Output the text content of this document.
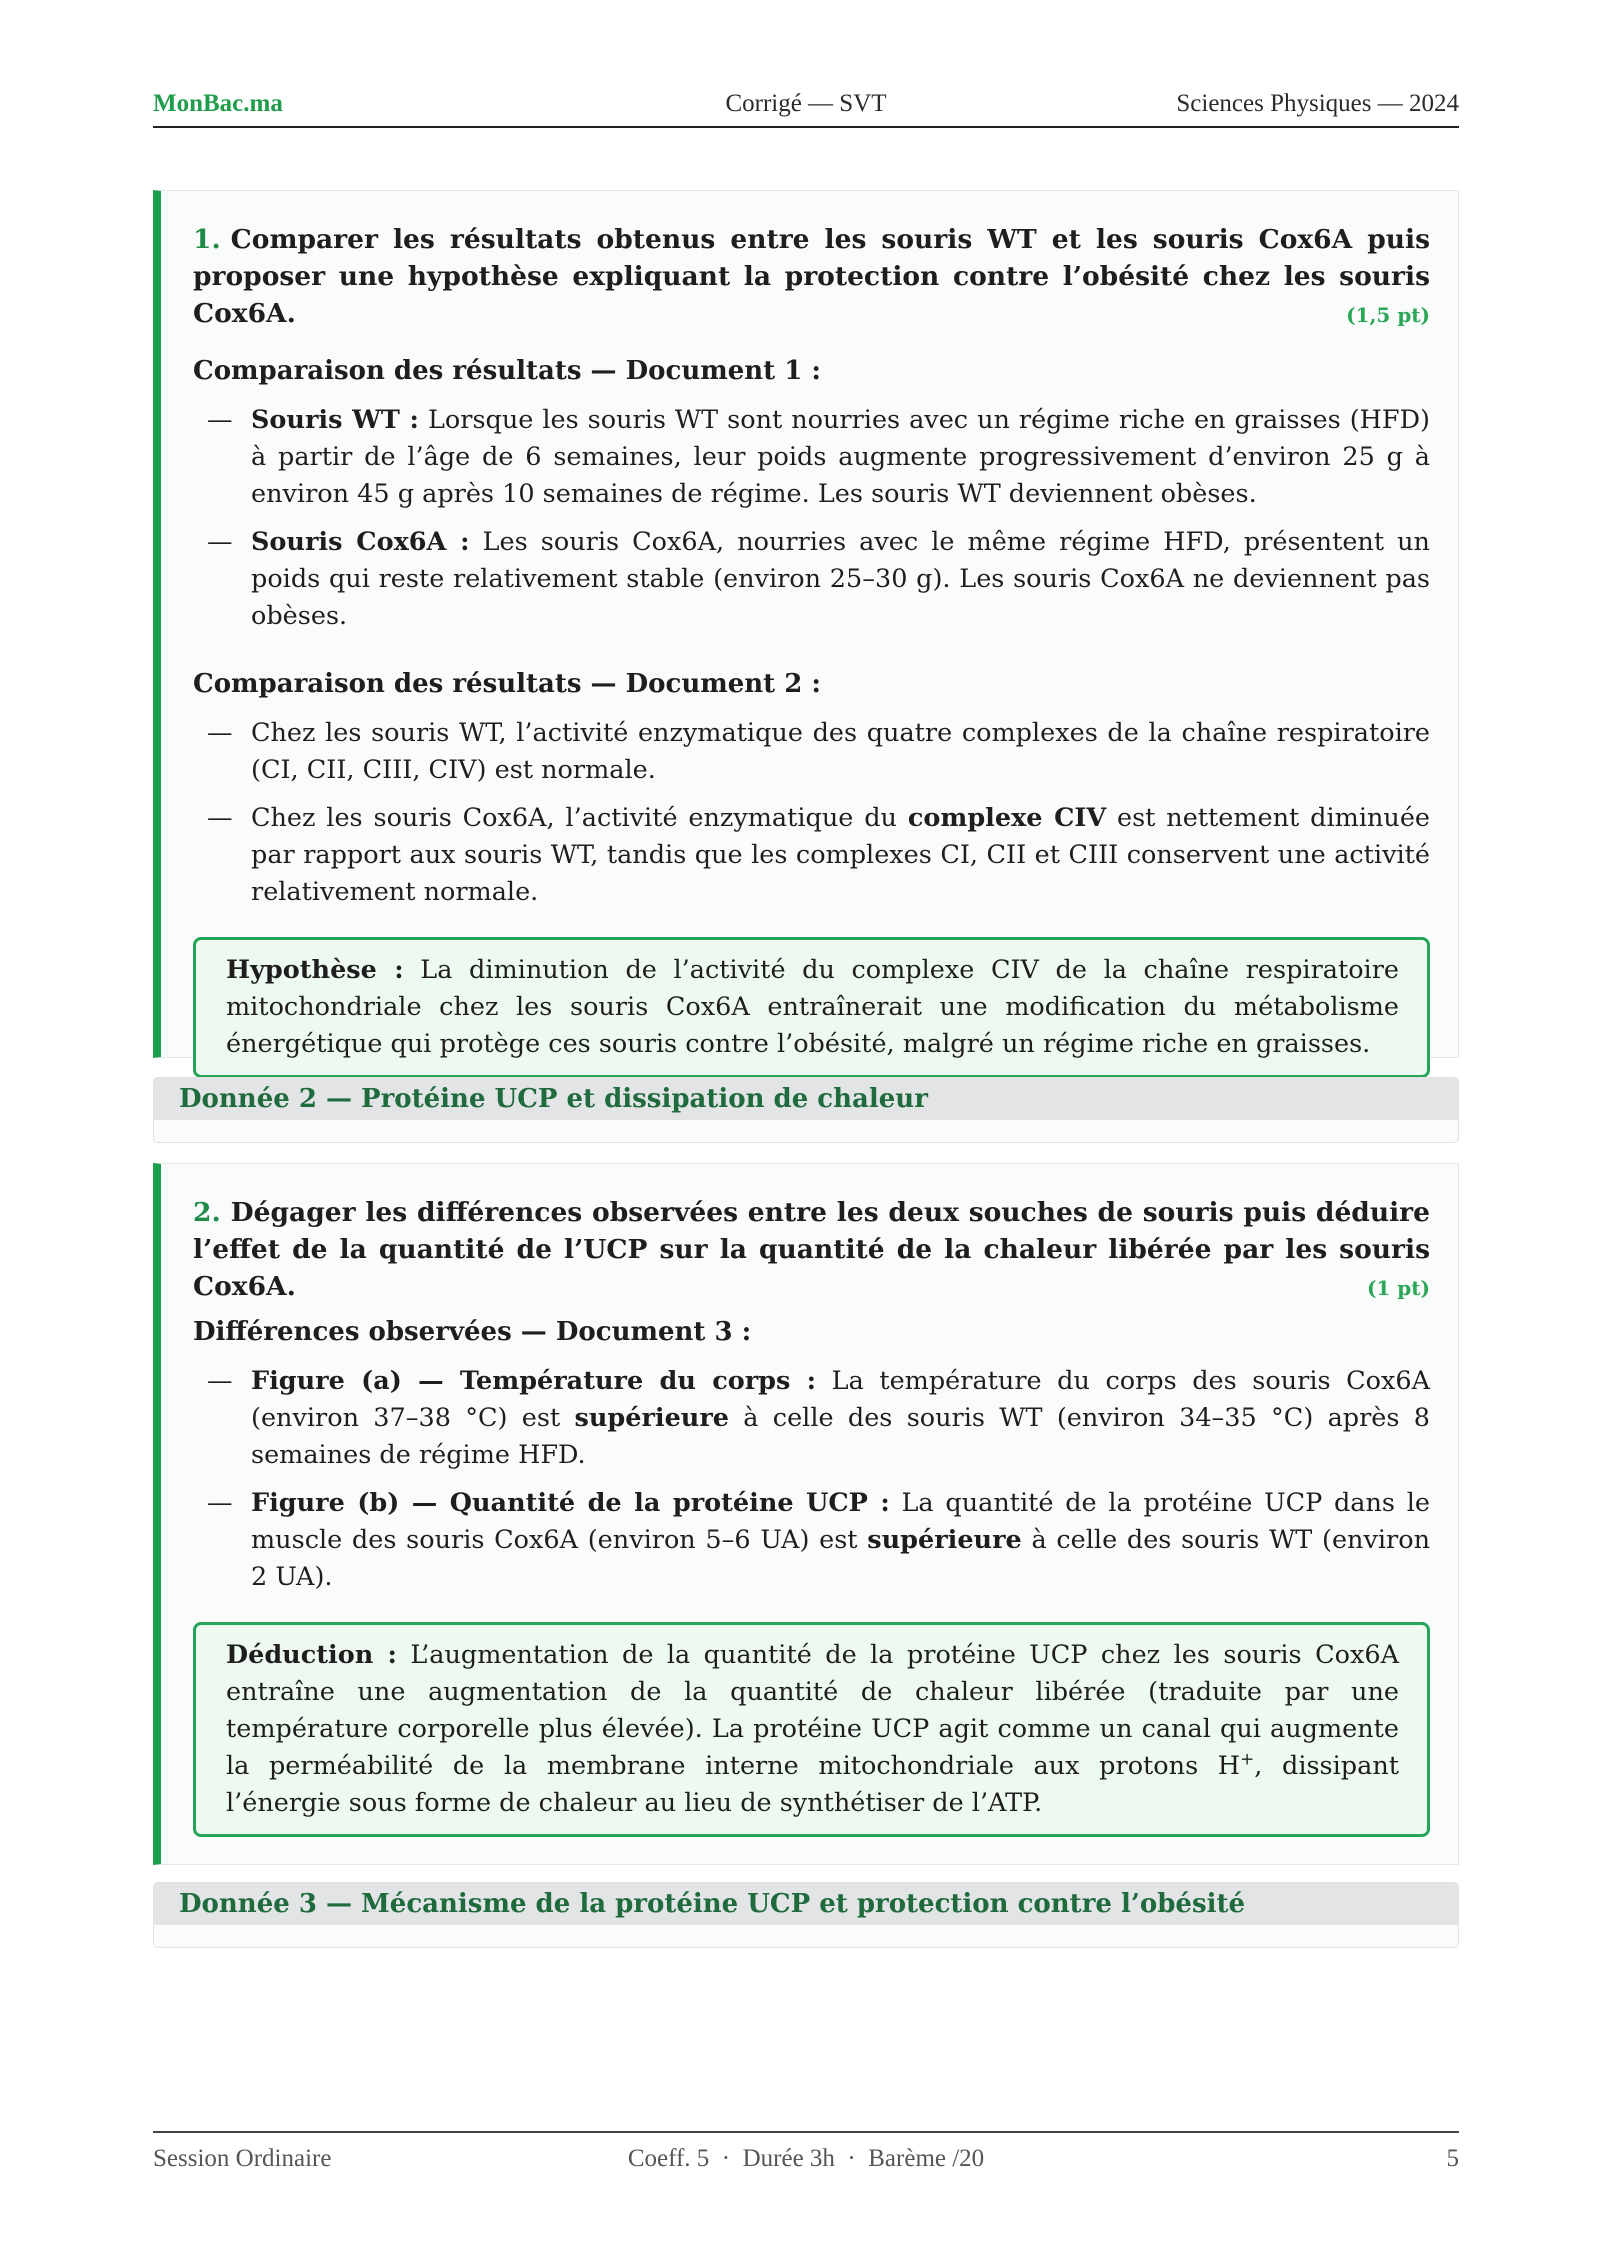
MonBac.ma	Corrigé — SVT	Sciences Physiques — 2024

1. Comparer les résultats obtenus entre les souris WT et les souris Cox6A puis proposer une hypothèse expliquant la protection contre l’obésité chez les souris Cox6A.	(1,5 pt)

Comparaison des résultats — Document 1 :
— Souris WT : Lorsque les souris WT sont nourries avec un régime riche en graisses (HFD) à partir de l’âge de 6 semaines, leur poids augmente progressivement d’environ 25 g à environ 45 g après 10 semaines de régime. Les souris WT deviennent obèses.
— Souris Cox6A : Les souris Cox6A, nourries avec le même régime HFD, présentent un poids qui reste relativement stable (environ 25–30 g). Les souris Cox6A ne deviennent pas obèses.
Comparaison des résultats — Document 2 :
— Chez les souris WT, l’activité enzymatique des quatre complexes de la chaîne respiratoire (CI, CII, CIII, CIV) est normale.
— Chez les souris Cox6A, l’activité enzymatique du complexe CIV est nettement diminuée par rapport aux souris WT, tandis que les complexes CI, CII et CIII conservent une activité relativement normale.
Hypothèse : La diminution de l’activité du complexe CIV de la chaîne respiratoire mitochondriale chez les souris Cox6A entraînerait une modification du métabolisme énergétique qui protège ces souris contre l’obésité, malgré un régime riche en graisses.
Donnée 2 — Protéine UCP et dissipation de chaleur

2. Dégager les différences observées entre les deux souches de souris puis déduire l’effet de la quantité de l’UCP sur la quantité de la chaleur libérée par les souris Cox6A.	(1 pt)

Différences observées — Document 3 :
— Figure (a) — Température du corps : La température du corps des souris Cox6A (environ 37–38 °C) est supérieure à celle des souris WT (environ 34–35 °C) après 8 semaines de régime HFD.
— Figure (b) — Quantité de la protéine UCP : La quantité de la protéine UCP dans le muscle des souris Cox6A (environ 5–6 UA) est supérieure à celle des souris WT (environ 2 UA).
Déduction : L’augmentation de la quantité de la protéine UCP chez les souris Cox6A entraîne une augmentation de la quantité de chaleur libérée (traduite par une température corporelle plus élevée). La protéine UCP agit comme un canal qui augmente la perméabilité de la membrane interne mitochondriale aux protons H+, dissipant l’énergie sous forme de chaleur au lieu de synthétiser de l’ATP.
Donnée 3 — Mécanisme de la protéine UCP et protection contre l’obésité
Session Ordinaire	Coeff. 5  ·  Durée 3h  ·  Barème /20	5
